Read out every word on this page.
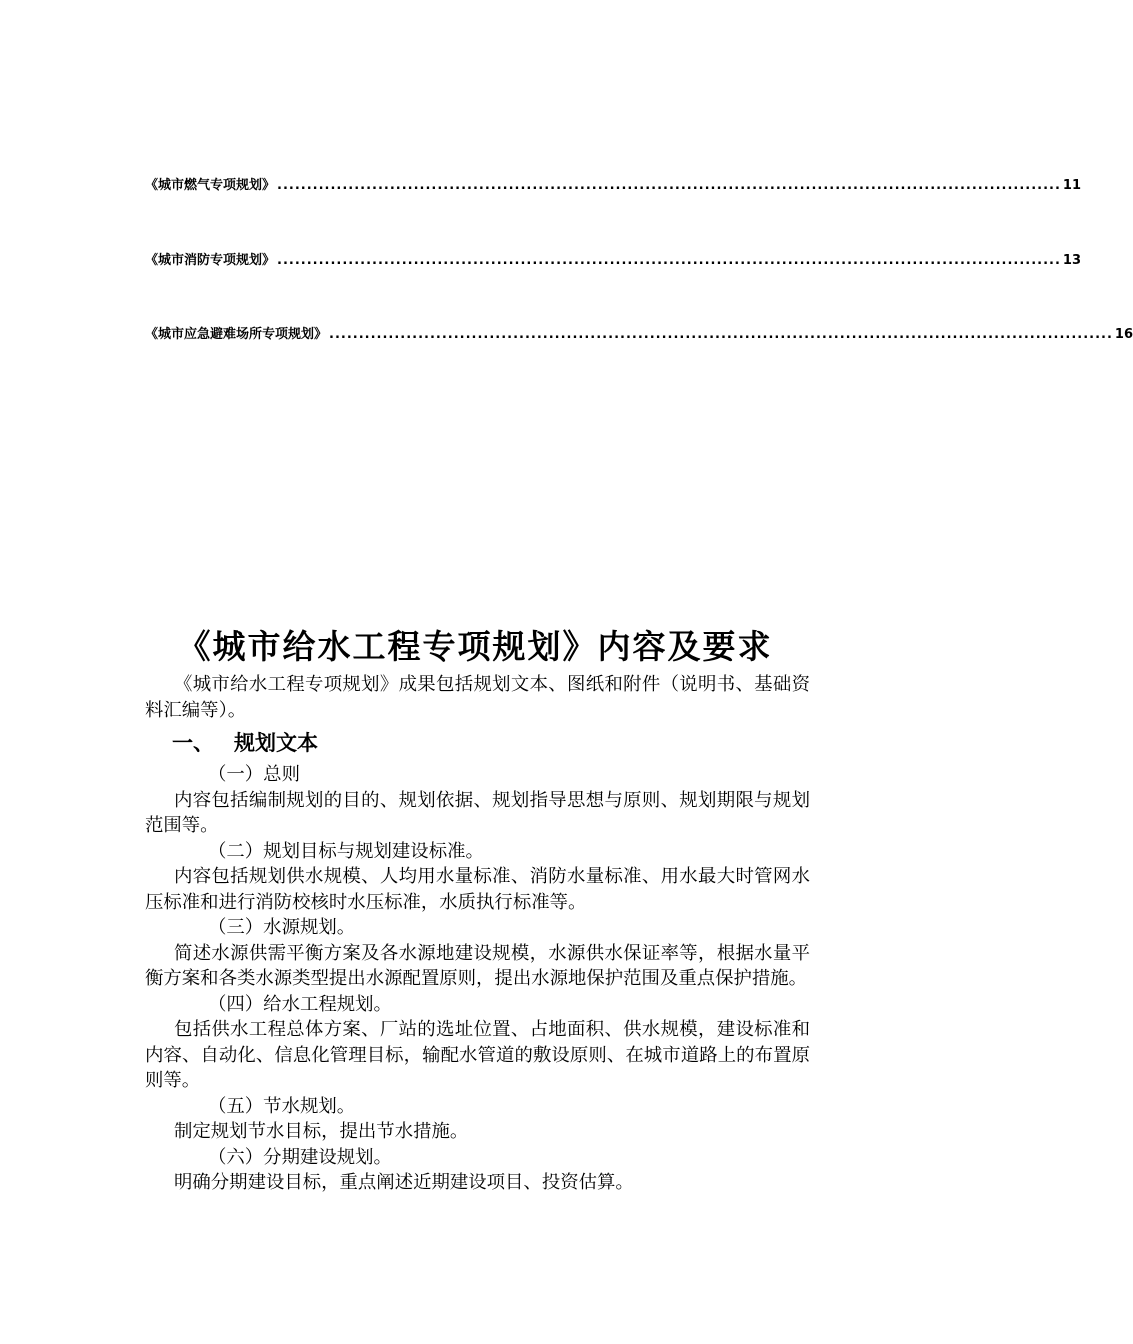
《城市燃气专项规划》 .................................................................................................................................... 11
《城市消防专项规划》 .................................................................................................................................... 13
《城市应急避难场所专项规划》 .................................................................................................................................... 16
《城市给水工程专项规划》内容及要求

《城市给水工程专项规划》成果包括规划文本、图纸和附件（说明书、基础资料汇编等）。

一、 规划文本

（一）总则

内容包括编制规划的目的、规划依据、规划指导思想与原则、规划期限与规划范围等。

（二）规划目标与规划建设标准。

内容包括规划供水规模、人均用水量标准、消防水量标准、用水最大时管网水压标准和进行消防校核时水压标准，水质执行标准等。

（三）水源规划。

简述水源供需平衡方案及各水源地建设规模，水源供水保证率等，根据水量平衡方案和各类水源类型提出水源配置原则，提出水源地保护范围及重点保护措施。

（四）给水工程规划。

包括供水工程总体方案、厂站的选址位置、占地面积、供水规模，建设标准和内容、自动化、信息化管理目标，输配水管道的敷设原则、在城市道路上的布置原则等。

（五）节水规划。

制定规划节水目标，提出节水措施。

（六）分期建设规划。

明确分期建设目标，重点阐述近期建设项目、投资估算。
